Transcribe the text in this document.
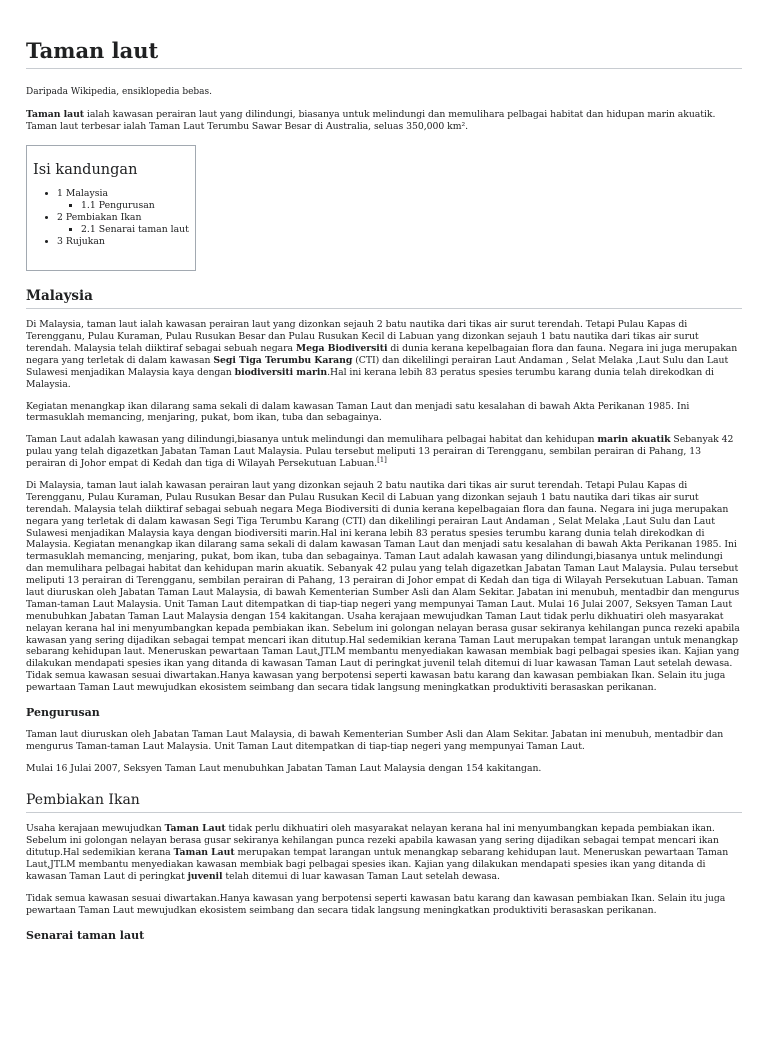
Taman laut
Daripada Wikipedia, ensiklopedia bebas.

Taman laut ialah kawasan perairan laut yang dilindungi, biasanya untuk melindungi dan memulihara pelbagai habitat dan hidupan marin akuatik. Taman laut terbesar ialah Taman Laut Terumbu Sawar Besar di Australia, seluas 350,000 km².

Isi kandungan
• 1 Malaysia
▪ 1.1 Pengurusan
• 2 Pembiakan Ikan
▪ 2.1 Senarai taman laut
• 3 Rujukan
Malaysia

Di Malaysia, taman laut ialah kawasan perairan laut yang dizonkan sejauh 2 batu nautika dari tikas air surut terendah. Tetapi Pulau Kapas di Terengganu, Pulau Kuraman, Pulau Rusukan Besar dan Pulau Rusukan Kecil di Labuan yang dizonkan sejauh 1 batu nautika dari tikas air surut terendah. Malaysia telah diiktiraf sebagai sebuah negara Mega Biodiversiti di dunia kerana kepelbagaian flora dan fauna. Negara ini juga merupakan negara yang terletak di dalam kawasan Segi Tiga Terumbu Karang (CTI) dan dikelilingi perairan Laut Andaman , Selat Melaka ,Laut Sulu dan Laut Sulawesi menjadikan Malaysia kaya dengan biodiversiti marin.Hal ini kerana lebih 83 peratus spesies terumbu karang dunia telah direkodkan di Malaysia.

Kegiatan menangkap ikan dilarang sama sekali di dalam kawasan Taman Laut dan menjadi satu kesalahan di bawah Akta Perikanan 1985. Ini termasuklah memancing, menjaring, pukat, bom ikan, tuba dan sebagainya.

Taman Laut adalah kawasan yang dilindungi,biasanya untuk melindungi dan memulihara pelbagai habitat dan kehidupan marin akuatik Sebanyak 42 pulau yang telah digazetkan Jabatan Taman Laut Malaysia. Pulau tersebut meliputi 13 perairan di Terengganu, sembilan perairan di Pahang, 13 perairan di Johor empat di Kedah dan tiga di Wilayah Persekutuan Labuan.[1]

Di Malaysia, taman laut ialah kawasan perairan laut yang dizonkan sejauh 2 batu nautika dari tikas air surut terendah. Tetapi Pulau Kapas di Terengganu, Pulau Kuraman, Pulau Rusukan Besar dan Pulau Rusukan Kecil di Labuan yang dizonkan sejauh 1 batu nautika dari tikas air surut terendah. Malaysia telah diiktiraf sebagai sebuah negara Mega Biodiversiti di dunia kerana kepelbagaian flora dan fauna. Negara ini juga merupakan negara yang terletak di dalam kawasan Segi Tiga Terumbu Karang (CTI) dan dikelilingi perairan Laut Andaman , Selat Melaka ,Laut Sulu dan Laut Sulawesi menjadikan Malaysia kaya dengan biodiversiti marin.Hal ini kerana lebih 83 peratus spesies terumbu karang dunia telah direkodkan di Malaysia. Kegiatan menangkap ikan dilarang sama sekali di dalam kawasan Taman Laut dan menjadi satu kesalahan di bawah Akta Perikanan 1985. Ini termasuklah memancing, menjaring, pukat, bom ikan, tuba dan sebagainya. Taman Laut adalah kawasan yang dilindungi,biasanya untuk melindungi dan memulihara pelbagai habitat dan kehidupan marin akuatik. Sebanyak 42 pulau yang telah digazetkan Jabatan Taman Laut Malaysia. Pulau tersebut meliputi 13 perairan di Terengganu, sembilan perairan di Pahang, 13 perairan di Johor empat di Kedah dan tiga di Wilayah Persekutuan Labuan. Taman laut diuruskan oleh Jabatan Taman Laut Malaysia, di bawah Kementerian Sumber Asli dan Alam Sekitar. Jabatan ini menubuh, mentadbir dan mengurus Taman-taman Laut Malaysia. Unit Taman Laut ditempatkan di tiap-tiap negeri yang mempunyai Taman Laut. Mulai 16 Julai 2007, Seksyen Taman Laut menubuhkan Jabatan Taman Laut Malaysia dengan 154 kakitangan. Usaha kerajaan mewujudkan Taman Laut tidak perlu dikhuatiri oleh masyarakat nelayan kerana hal ini menyumbangkan kepada pembiakan ikan. Sebelum ini golongan nelayan berasa gusar sekiranya kehilangan punca rezeki apabila kawasan yang sering dijadikan sebagai tempat mencari ikan ditutup.Hal sedemikian kerana Taman Laut merupakan tempat larangan untuk menangkap sebarang kehidupan laut. Meneruskan pewartaan Taman Laut,JTLM membantu menyediakan kawasan membiak bagi pelbagai spesies ikan. Kajian yang dilakukan mendapati spesies ikan yang ditanda di kawasan Taman Laut di peringkat juvenil telah ditemui di luar kawasan Taman Laut setelah dewasa. Tidak semua kawasan sesuai diwartakan.Hanya kawasan yang berpotensi seperti kawasan batu karang dan kawasan pembiakan Ikan. Selain itu juga pewartaan Taman Laut mewujudkan ekosistem seimbang dan secara tidak langsung meningkatkan produktiviti berasaskan perikanan.

Pengurusan

Taman laut diuruskan oleh Jabatan Taman Laut Malaysia, di bawah Kementerian Sumber Asli dan Alam Sekitar. Jabatan ini menubuh, mentadbir dan mengurus Taman-taman Laut Malaysia. Unit Taman Laut ditempatkan di tiap-tiap negeri yang mempunyai Taman Laut.

Mulai 16 Julai 2007, Seksyen Taman Laut menubuhkan Jabatan Taman Laut Malaysia dengan 154 kakitangan.

Pembiakan Ikan

Usaha kerajaan mewujudkan Taman Laut tidak perlu dikhuatiri oleh masyarakat nelayan kerana hal ini menyumbangkan kepada pembiakan ikan. Sebelum ini golongan nelayan berasa gusar sekiranya kehilangan punca rezeki apabila kawasan yang sering dijadikan sebagai tempat mencari ikan ditutup.Hal sedemikian kerana Taman Laut merupakan tempat larangan untuk menangkap sebarang kehidupan laut. Meneruskan pewartaan Taman Laut,JTLM membantu menyediakan kawasan membiak bagi pelbagai spesies ikan. Kajian yang dilakukan mendapati spesies ikan yang ditanda di kawasan Taman Laut di peringkat juvenil telah ditemui di luar kawasan Taman Laut setelah dewasa.

Tidak semua kawasan sesuai diwartakan.Hanya kawasan yang berpotensi seperti kawasan batu karang dan kawasan pembiakan Ikan. Selain itu juga pewartaan Taman Laut mewujudkan ekosistem seimbang dan secara tidak langsung meningkatkan produktiviti berasaskan perikanan.

Senarai taman laut
